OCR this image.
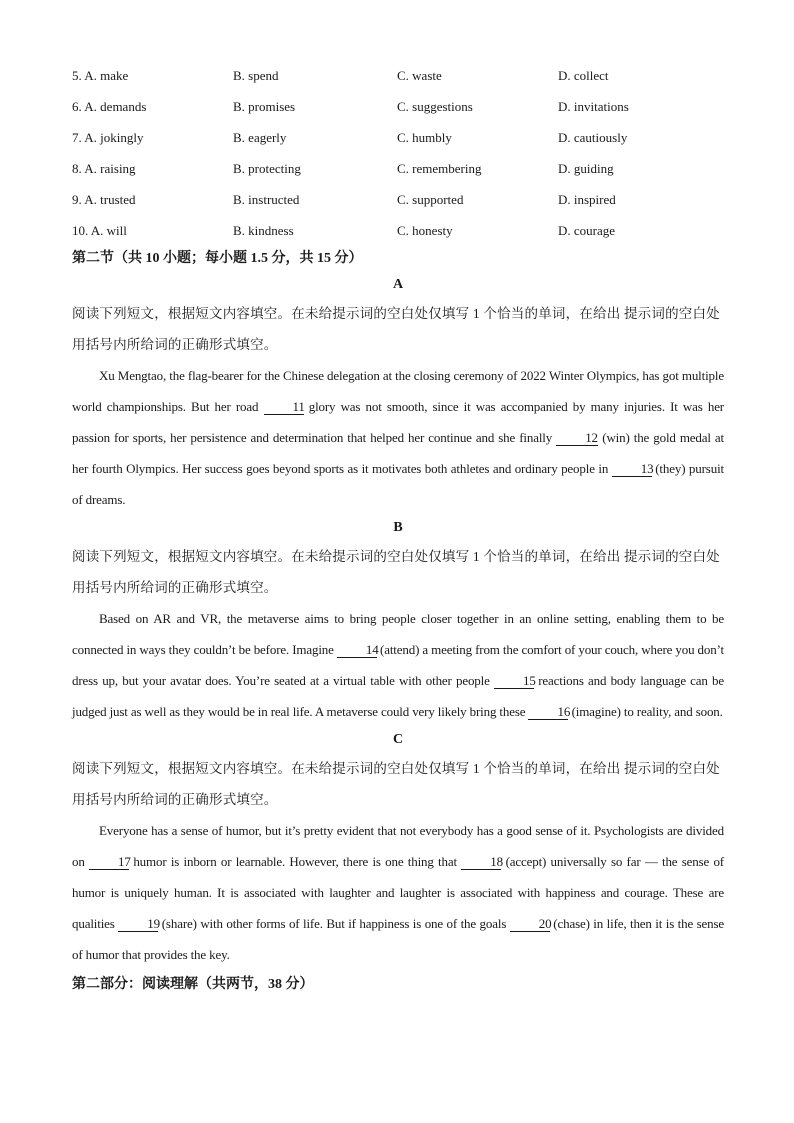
5. A. make	B. spend	C. waste	D. collect
6. A. demands	B. promises	C. suggestions	D. invitations
7. A. jokingly	B. eagerly	C. humbly	D. cautiously
8. A. raising	B. protecting	C. remembering	D. guiding
9. A. trusted	B. instructed	C. supported	D. inspired
10. A. will	B. kindness	C. honesty	D. courage
第二节（共 10 小题；每小题 1.5 分，共 15 分）
A
阅读下列短文，根据短文内容填空。在未给提示词的空白处仅填写 1 个恰当的单词，在给出 提示词的空白处用括号内所给词的正确形式填空。
Xu Mengtao, the flag-bearer for the Chinese delegation at the closing ceremony of 2022 Winter Olympics, has got multiple world championships. But her road 11 glory was not smooth, since it was accompanied by many injuries. It was her passion for sports, her persistence and determination that helped her continue and she finally 12 (win) the gold medal at her fourth Olympics. Her success goes beyond sports as it motivates both athletes and ordinary people in 13 (they) pursuit of dreams.
B
阅读下列短文，根据短文内容填空。在未给提示词的空白处仅填写 1 个恰当的单词，在给出 提示词的空白处用括号内所给词的正确形式填空。
Based on AR and VR, the metaverse aims to bring people closer together in an online setting, enabling them to be connected in ways they couldn’t be before. Imagine 14 (attend) a meeting from the comfort of your couch, where you don’t dress up, but your avatar does. You’re seated at a virtual table with other people 15 reactions and body language can be judged just as well as they would be in real life. A metaverse could very likely bring these 16 (imagine) to reality, and soon.
C
阅读下列短文，根据短文内容填空。在未给提示词的空白处仅填写 1 个恰当的单词，在给出 提示词的空白处用括号内所给词的正确形式填空。
Everyone has a sense of humor, but it’s pretty evident that not everybody has a good sense of it. Psychologists are divided on 17 humor is inborn or learnable. However, there is one thing that 18 (accept) universally so far — the sense of humor is uniquely human. It is associated with laughter and laughter is associated with happiness and courage. These are qualities 19 (share) with other forms of life. But if happiness is one of the goals 20 (chase) in life, then it is the sense of humor that provides the key.
第二部分：阅读理解（共两节，38 分）
